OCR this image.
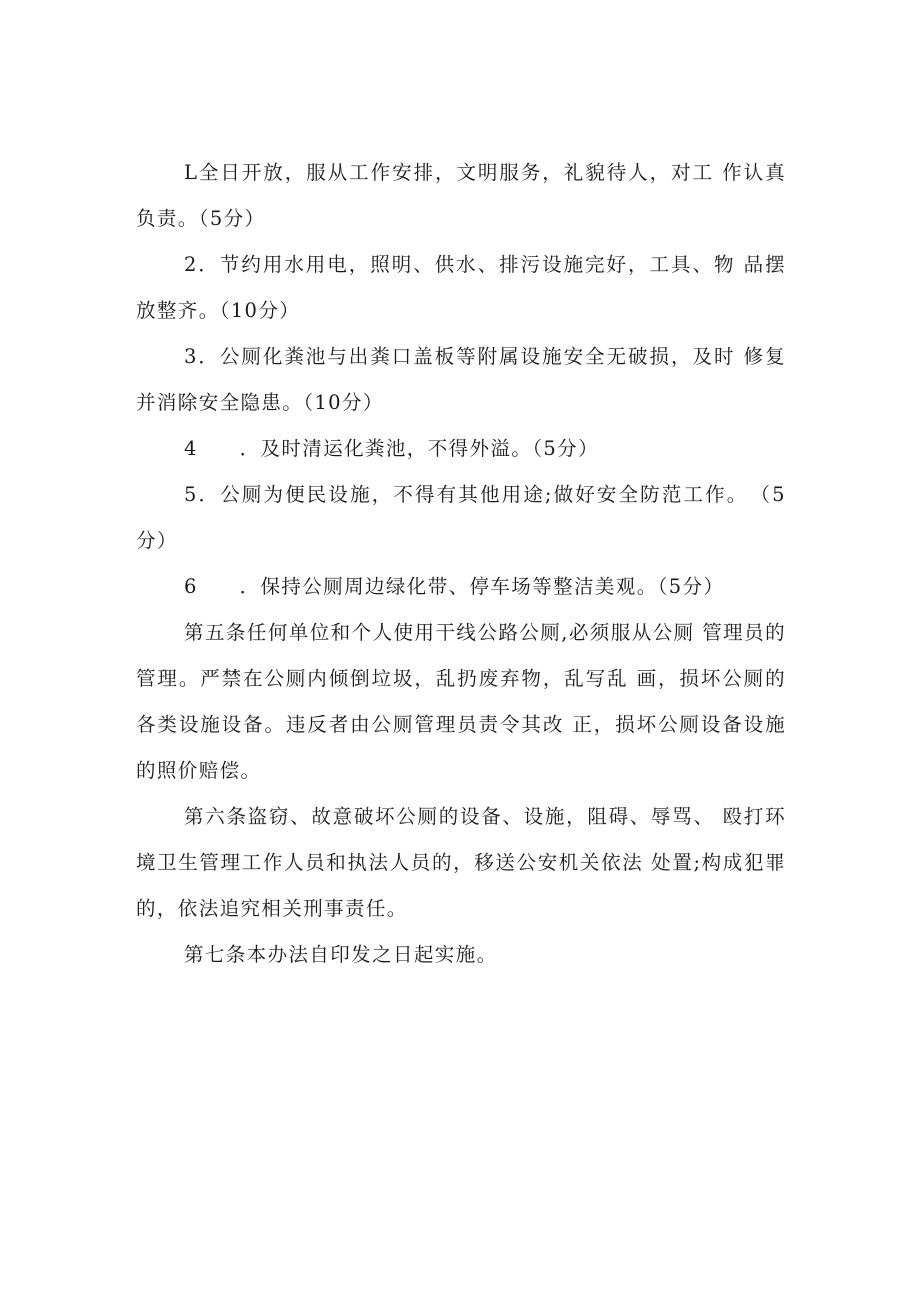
L全日开放，服从工作安排，文明服务，礼貌待人，对工 作认真负责。（5分）

2．节约用水用电，照明、供水、排污设施完好，工具、物 品摆放整齐。（10分）

3．公厕化粪池与出粪口盖板等附属设施安全无破损，及时 修复并消除安全隐患。（10分）

4　　．及时清运化粪池，不得外溢。（5分）

5．公厕为便民设施，不得有其他用途;做好安全防范工作。　（5分）

6　　．保持公厕周边绿化带、停车场等整洁美观。（5分）

第五条任何单位和个人使用干线公路公厕,必须服从公厕 管理员的管理。严禁在公厕内倾倒垃圾，乱扔废弃物，乱写乱 画，损坏公厕的各类设施设备。违反者由公厕管理员责令其改 正，损坏公厕设备设施的照价赔偿。

第六条盗窃、故意破坏公厕的设备、设施，阻碍、辱骂、 殴打环境卫生管理工作人员和执法人员的，移送公安机关依法 处置;构成犯罪的，依法追究相关刑事责任。

第七条本办法自印发之日起实施。
